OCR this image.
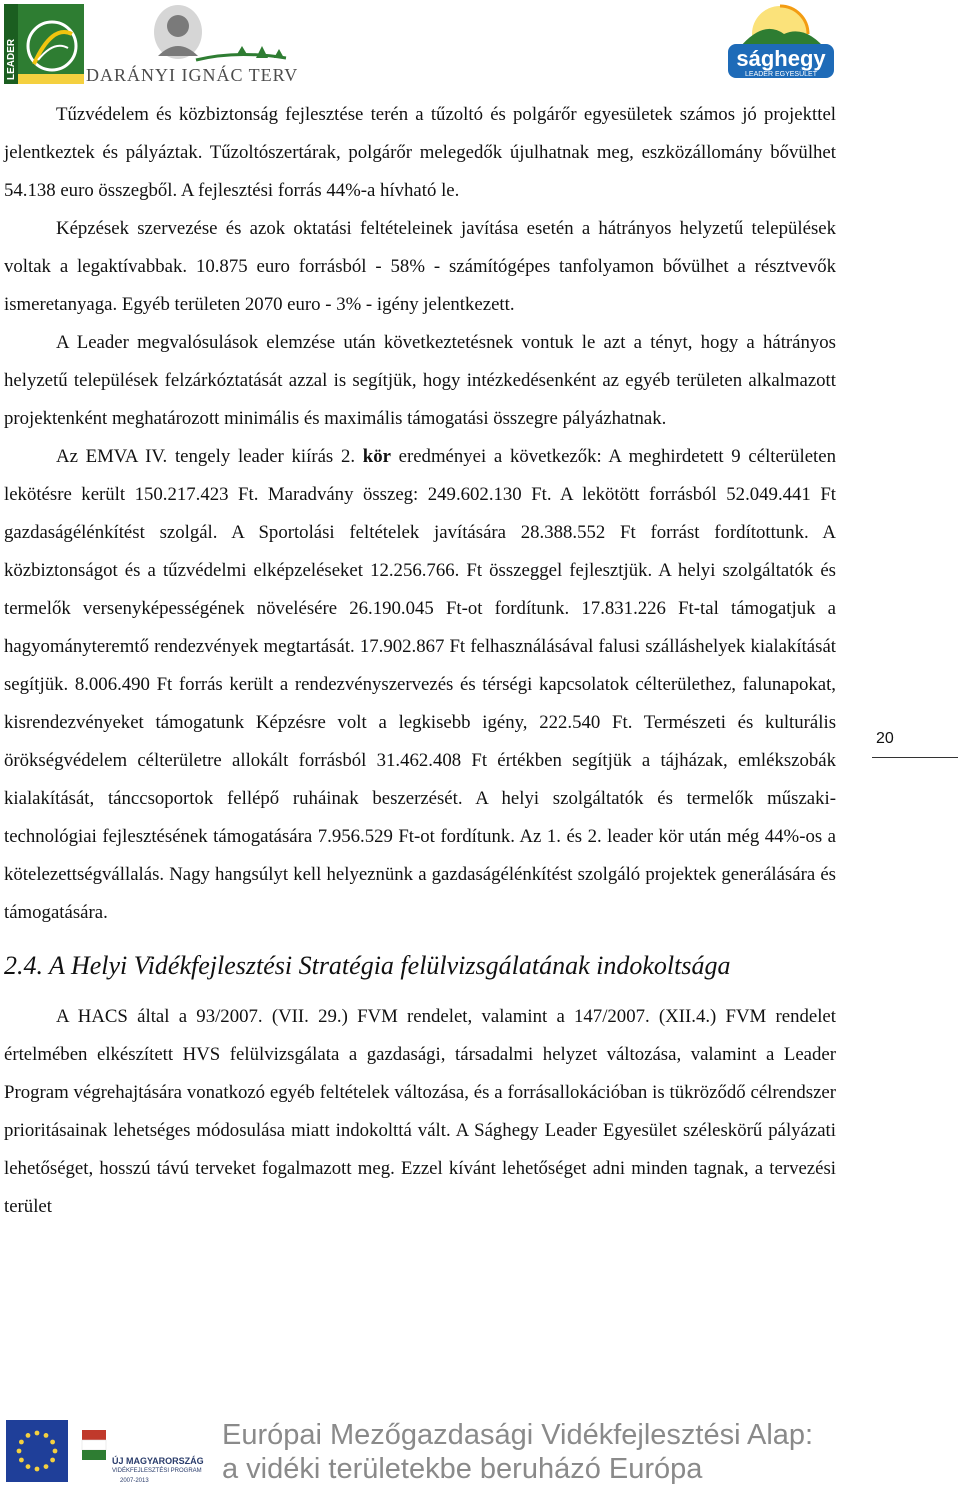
LEADER	DARÁNYI IGNÁC TERV
sághegy
LEADER EGYESÜLET

Tűzvédelem és közbiztonság fejlesztése terén a tűzoltó és polgárőr egyesületek számos jó projekttel jelentkeztek és pályáztak. Tűzoltószertárak, polgárőr melegedők újulhatnak meg, eszközállomány bővülhet 54.138 euro összegből. A fejlesztési forrás 44%-a hívható le.

Képzések szervezése és azok oktatási feltételeinek javítása esetén a hátrányos helyzetű települések voltak a legaktívabbak. 10.875 euro forrásból - 58% - számítógépes tanfolyamon bővülhet a résztvevők ismeretanyaga. Egyéb területen 2070 euro - 3% - igény jelentkezett.

A Leader megvalósulások elemzése után következtetésnek vontuk le azt a tényt, hogy a hátrányos helyzetű települések felzárkóztatását azzal is segítjük, hogy intézkedésenként az egyéb területen alkalmazott projektenként meghatározott minimális és maximális támogatási összegre pályázhatnak.

Az EMVA IV. tengely leader kiírás 2. kör eredményei a következők: A meghirdetett 9 célterületen lekötésre került 150.217.423 Ft. Maradvány összeg: 249.602.130 Ft. A lekötött forrásból 52.049.441 Ft gazdaságélénkítést szolgál. A Sportolási feltételek javítására 28.388.552 Ft forrást fordítottunk. A közbiztonságot és a tűzvédelmi elképzeléseket 12.256.766. Ft összeggel fejlesztjük. A helyi szolgáltatók és termelők versenyképességének növelésére 26.190.045 Ft-ot fordítunk. 17.831.226 Ft-tal támogatjuk a hagyományteremtő rendezvények megtartását. 17.902.867 Ft felhasználásával falusi szálláshelyek kialakítását segítjük. 8.006.490 Ft forrás került a rendezvényszervezés és térségi kapcsolatok célterülethez, falunapokat, kisrendezvényeket támogatunk Képzésre volt a legkisebb igény, 222.540 Ft. Természeti és kulturális örökségvédelem célterületre allokált forrásból 31.462.408 Ft értékben segítjük a tájházak, emlékszobák kialakítását, tánccsoportok fellépő ruháinak beszerzését. A helyi szolgáltatók és termelők műszaki-technológiai fejlesztésének támogatására 7.956.529 Ft-ot fordítunk. Az 1. és 2. leader kör után még 44%-os a kötelezettségvállalás. Nagy hangsúlyt kell helyeznünk a gazdaságélénkítést szolgáló projektek generálására és támogatására.

2.4. A Helyi Vidékfejlesztési Stratégia felülvizsgálatának indokoltsága

A HACS által a 93/2007. (VII. 29.) FVM rendelet, valamint a 147/2007. (XII.4.) FVM rendelet értelmében elkészített HVS felülvizsgálata a gazdasági, társadalmi helyzet változása, valamint a Leader Program végrehajtására vonatkozó egyéb feltételek változása, és a forrásallokációban is tükröződő célrendszer prioritásainak lehetséges módosulása miatt indokolttá vált. A Sághegy Leader Egyesület széleskörű pályázati lehetőséget, hosszú távú terveket fogalmazott meg. Ezzel kívánt lehetőséget adni minden tagnak, a tervezési terület

20
ÚJ MAGYARORSZÁG
VIDÉKFEJLESZTÉSI PROGRAM
2007-2013
Európai Mezőgazdasági Vidékfejlesztési Alap:
a vidéki területekbe beruházó Európa
